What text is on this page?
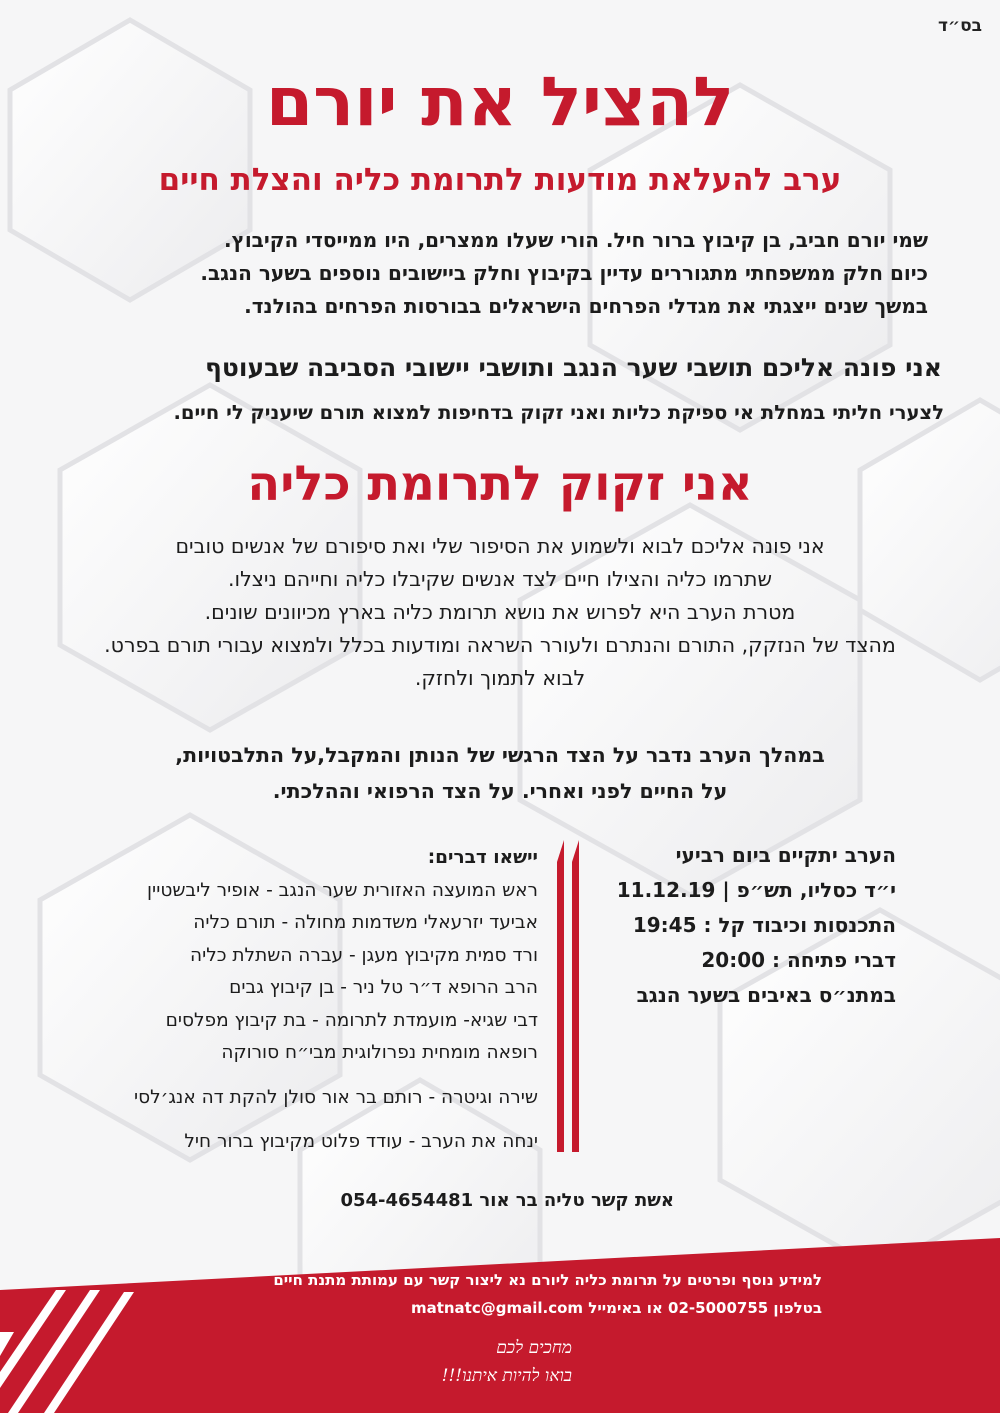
בס״ד
להציל את יורם
ערב להעלאת מודעות לתרומת כליה והצלת חיים
שמי יורם חביב, בן קיבוץ ברור חיל. הורי שעלו ממצרים, היו ממייסדי הקיבוץ.
כיום חלק ממשפחתי מתגוררים עדיין בקיבוץ וחלק ביישובים נוספים בשער הנגב.
במשך שנים ייצגתי את מגדלי הפרחים הישראלים בבורסות הפרחים בהולנד.
אני פונה אליכם תושבי שער הנגב ותושבי יישובי הסביבה שבעוטף
לצערי חליתי במחלת אי ספיקת כליות ואני זקוק בדחיפות למצוא תורם שיעניק לי חיים.
אני זקוק לתרומת כליה
אני פונה אליכם לבוא ולשמוע את הסיפור שלי ואת סיפורם של אנשים טובים
שתרמו כליה והצילו חיים לצד אנשים שקיבלו כליה וחייהם ניצלו.
מטרת הערב היא לפרוש את נושא תרומת כליה בארץ מכיוונים שונים.
מהצד של הנזקק, התורם והנתרם ולעורר השראה ומודעות בכלל ולמצוא עבורי תורם בפרט.
לבוא לתמוך ולחזק.
במהלך הערב נדבר על הצד הרגשי של הנותן והמקבל,על התלבטויות,
על החיים לפני ואחרי. על הצד הרפואי וההלכתי.
הערב יתקיים ביום רביעי
י״ד כסליו, תש״פ | 11.12.19
התכנסות וכיבוד קל : 19:45
דברי פתיחה : 20:00
במתנ״ס באיבים בשער הנגב
יישאו דברים:
ראש המועצה האזורית שער הנגב - אופיר ליבשטיין
אביעד יזרעאלי משדמות מחולה - תורם כליה
ורד סמית מקיבוץ מעגן - עברה השתלת כליה
הרב הרופא ד״ר טל ניר - בן קיבוץ גבים
דבי שגיא- מועמדת לתרומה - בת קיבוץ מפלסים
רופאה מומחית נפרולוגית מבי״ח סורוקה
שירה וגיטרה - רותם בר אור סולן להקת דה אנג׳לסי
ינחה את הערב - עודד פלוט מקיבוץ ברור חיל
אשת קשר טליה בר אור 054-4654481
למידע נוסף ופרטים על תרומת כליה ליורם נא ליצור קשר עם עמותת מתנת חיים
בטלפון 02-5000755 או באימייל matnatc@gmail.com
מחכים לכם
בואו להיות איתנו!!!
